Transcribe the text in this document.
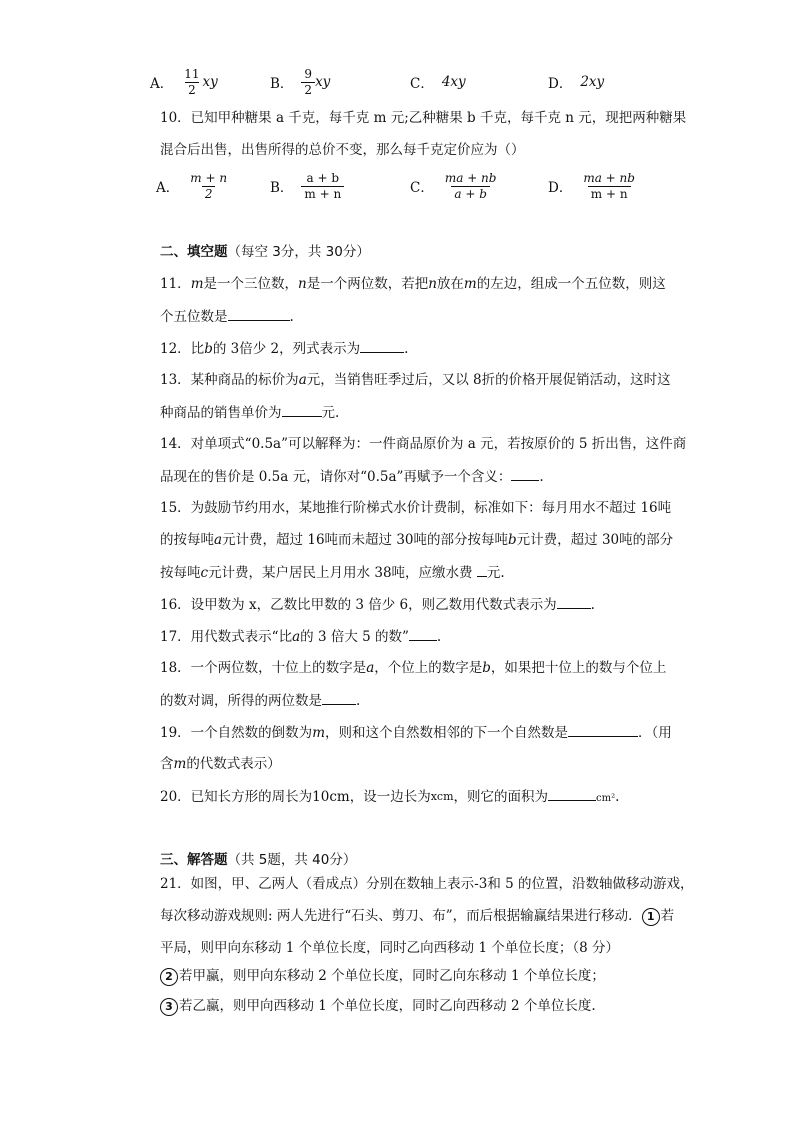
A． $\frac{11}{2}$ xy	B． $\frac{9}{2}$ xy	C． 4xy	D． 2xy
10．已知甲种糖果 a 千克，每千克 m 元;乙种糖果 b 千克，每千克 n 元，现把两种糖果
混合后出售，出售所得的总价不变，那么每千克定价应为（）
A． $\frac{m + n}{2}$	B． $\frac{a + b}{m + n}$	C． $\frac{ma + nb}{a + b}$	D． $\frac{ma + nb}{m + n}$
二、填空题（每空 3分，共 30分）
11．m是一个三位数，n是一个两位数，若把n放在m的左边，组成一个五位数，则这
个五位数是	.
12．比b的 3倍少 2，列式表示为	.
13．某种商品的标价为a元，当销售旺季过后，又以 8折的价格开展促销活动，这时这
种商品的销售单价为	元.
14．对单项式“0.5a”可以解释为：一件商品原价为 a 元，若按原价的 5 折出售，这件商
品现在的售价是 0.5a 元，请你对“0.5a”再赋予一个含义： .
15．为鼓励节约用水，某地推行阶梯式水价计费制，标准如下：每月用水不超过 16吨
的按每吨a元计费，超过 16吨而未超过 30吨的部分按每吨b元计费，超过 30吨的部分
按每吨c元计费，某户居民上月用水 38吨，应缴水费 元.
16．设甲数为 x，乙数比甲数的 3 倍少 6，则乙数用代数式表示为	.
17．用代数式表示“比a的 3 倍大 5 的数” .
18．一个两位数，十位上的数字是a，个位上的数字是b，如果把十位上的数与个位上
的数对调，所得的两位数是	.
19．一个自然数的倒数为m，则和这个自然数相邻的下一个自然数是	．（用
含m的代数式表示）
20．已知长方形的周长为10cm，设一边长为xcm，则它的面积为	cm².
三、解答题（共 5题，共 40分）
21．如图，甲、乙两人（看成点）分别在数轴上表示-3和 5 的位置，沿数轴做移动游戏，
每次移动游戏规则: 两人先进行“石头、剪刀、布”，而后根据输赢结果进行移动． 1 若
平局，则甲向东移动 1 个单位长度，同时乙向西移动 1 个单位长度；（8 分）
2 若甲赢，则甲向东移动 2 个单位长度，同时乙向东移动 1 个单位长度；
3 若乙赢，则甲向西移动 1 个单位长度，同时乙向西移动 2 个单位长度.
